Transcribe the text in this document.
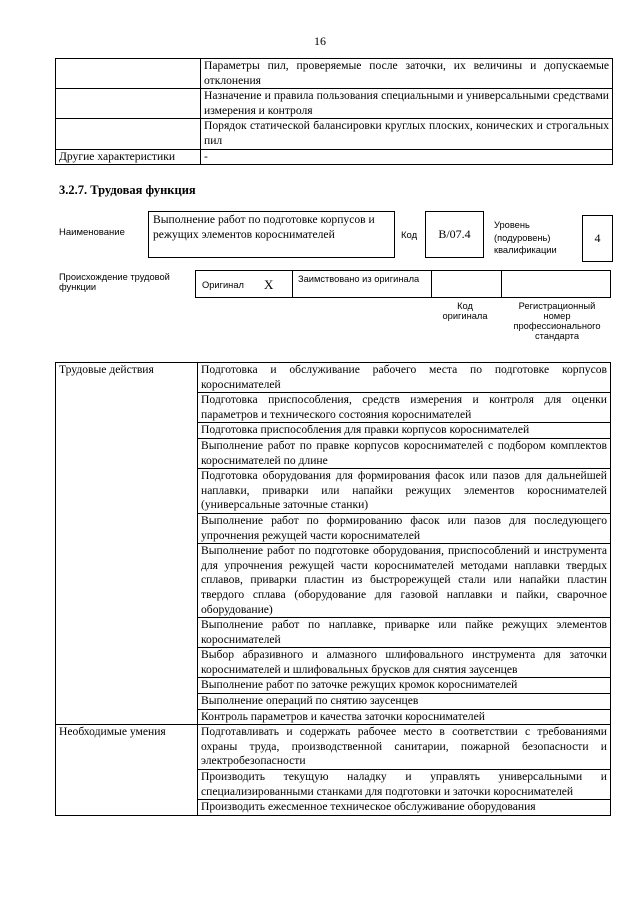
16
	Параметры пил, проверяемые после заточки, их величины и допускаемые отклонения
	Назначение и правила пользования специальными и универсальными средствами измерения и контроля
	Порядок статической балансировки круглых плоских, конических и строгальных пил
Другие характеристики	-
3.2.7. Трудовая функция
Наименование
Выполнение работ по подготовке корпусов и режущих элементов короснимателей	Код	B/07.4
Уровень (подуровень) квалификации
4
Происхождение трудовой функции	Оригинал X	Заимствовано из оригинала
Код оригинала
Регистрационный номер профессионального стандарта
Трудовые действия	Подготовка и обслуживание рабочего места по подготовке корпусов короснимателей
	Подготовка приспособления, средств измерения и контроля для оценки параметров и технического состояния короснимателей
	Подготовка приспособления для правки корпусов короснимателей
	Выполнение работ по правке корпусов короснимателей с подбором комплектов короснимателей по длине
	Подготовка оборудования для формирования фасок или пазов для дальнейшей наплавки, приварки или напайки режущих элементов короснимателей (универсальные заточные станки)
	Выполнение работ по формированию фасок или пазов для последующего упрочнения режущей части короснимателей
	Выполнение работ по подготовке оборудования, приспособлений и инструмента для упрочнения режущей части короснимателей методами наплавки твердых сплавов, приварки пластин из быстрорежущей стали или напайки пластин твердого сплава (оборудование для газовой наплавки и пайки, сварочное оборудование)
	Выполнение работ по наплавке, приварке или пайке режущих элементов короснимателей
	Выбор абразивного и алмазного шлифовального инструмента для заточки короснимателей и шлифовальных брусков для снятия заусенцев
	Выполнение работ по заточке режущих кромок короснимателей
	Выполнение операций по снятию заусенцев
	Контроль параметров и качества заточки короснимателей
Необходимые умения	Подготавливать и содержать рабочее место в соответствии с требованиями охраны труда, производственной санитарии, пожарной безопасности и электробезопасности
	Производить текущую наладку и управлять универсальными и специализированными станками для подготовки и заточки короснимателей
	Производить ежесменное техническое обслуживание оборудования
